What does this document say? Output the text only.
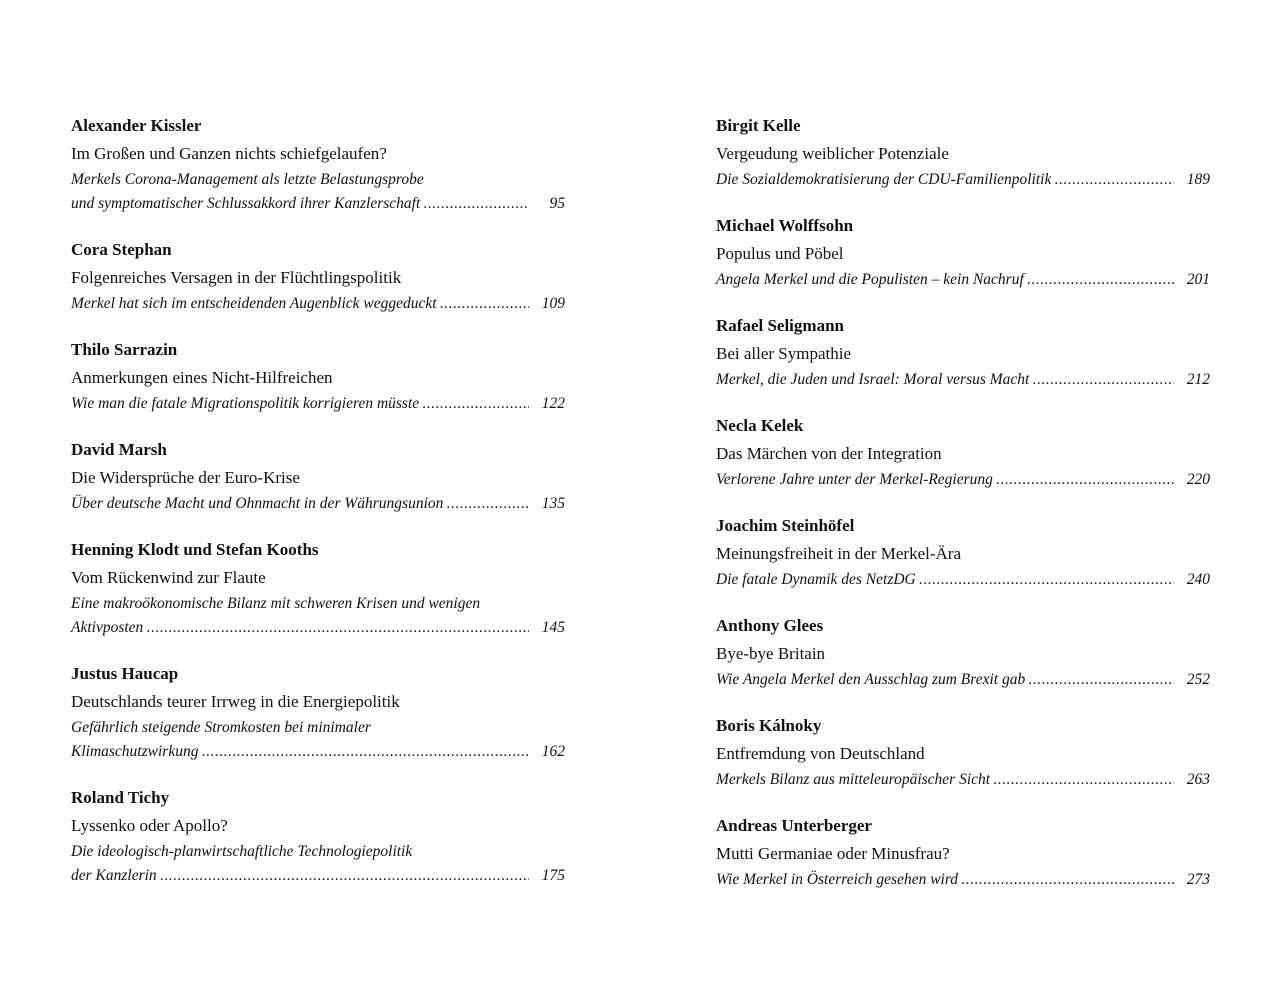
Alexander Kissler
Im Großen und Ganzen nichts schiefgelaufen?
Merkels Corona-Management als letzte Belastungsprobe
und symptomatischer Schlussakkord ihrer Kanzlerschaft .....	95
Cora Stephan
Folgenreiches Versagen in der Flüchtlingspolitik
Merkel hat sich im entscheidenden Augenblick weggeduckt .....	109
Thilo Sarrazin
Anmerkungen eines Nicht-Hilfreichen
Wie man die fatale Migrationspolitik korrigieren müsste .....	122
David Marsh
Die Widersprüche der Euro-Krise
Über deutsche Macht und Ohnmacht in der Währungsunion .....	135
Henning Klodt und Stefan Kooths
Vom Rückenwind zur Flaute
Eine makroökonomische Bilanz mit schweren Krisen und wenigen
Aktivposten .....	145
Justus Haucap
Deutschlands teurer Irrweg in die Energiepolitik
Gefährlich steigende Stromkosten bei minimaler
Klimaschutzwirkung .....	162
Roland Tichy
Lyssenko oder Apollo?
Die ideologisch-planwirtschaftliche Technologiepolitik
der Kanzlerin .....	175
Birgit Kelle
Vergeudung weiblicher Potenziale
Die Sozialdemokratisierung der CDU-Familienpolitik .....	189
Michael Wolffsohn
Populus und Pöbel
Angela Merkel und die Populisten – kein Nachruf .....	201
Rafael Seligmann
Bei aller Sympathie
Merkel, die Juden und Israel: Moral versus Macht .....	212
Necla Kelek
Das Märchen von der Integration
Verlorene Jahre unter der Merkel-Regierung .....	220
Joachim Steinhöfel
Meinungsfreiheit in der Merkel-Ära
Die fatale Dynamik des NetzDG .....	240
Anthony Glees
Bye-bye Britain
Wie Angela Merkel den Ausschlag zum Brexit gab .....	252
Boris Kálnoky
Entfremdung von Deutschland
Merkels Bilanz aus mitteleuropäischer Sicht .....	263
Andreas Unterberger
Mutti Germaniae oder Minusfrau?
Wie Merkel in Österreich gesehen wird .....	273
